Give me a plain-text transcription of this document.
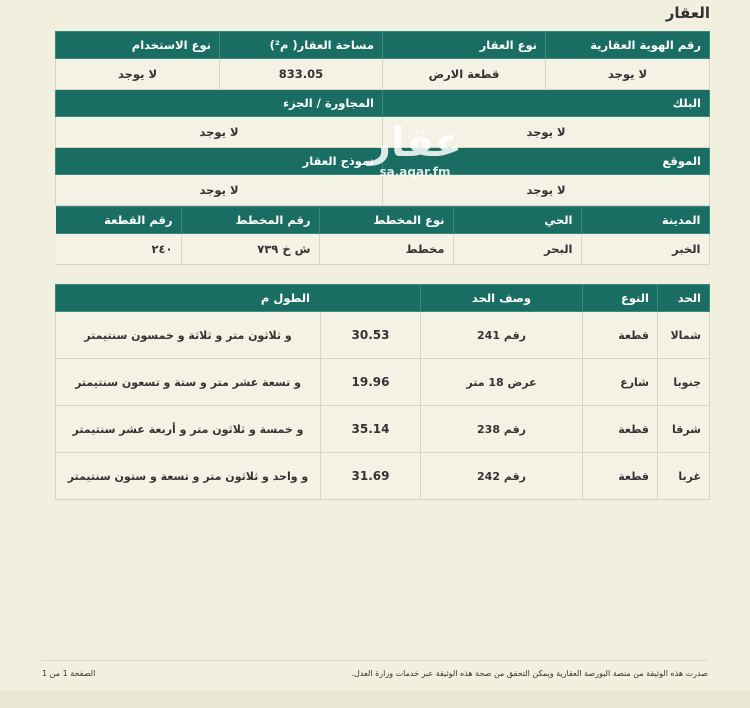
العقار
رقم الهوية العقارية	نوع العقار	مساحة العقار( م²)	نوع الاستخدام
لا يوجد	قطعة الارض	833.05	لا يوجد
البلك	المجاورة / الجزء
لا يوجد	لا يوجد
الموقع	نموذج العقار
لا يوجد	لا يوجد

المدينة	الحي	نوع المخطط	رقم المخطط	رقم القطعة
الخبر	البحر	مخطط	ش خ ٧٣٩	٢٤٠
عقار
sa.aqar.fm
الحد	النوع	وصف الحد	الطول م	
شمالا	قطعة	رقم 241	30.53	و ثلاثون متر و ثلاثة و خمسون سنتيمتر
جنوبا	شارع	عرض 18 متر	19.96	و تسعة عشر متر و ستة و تسعون سنتيمتر
شرقا	قطعة	رقم 238	35.14	و خمسة و ثلاثون متر و أربعة عشر سنتيمتر
غربا	قطعة	رقم 242	31.69	و واحد و ثلاثون متر و تسعة و ستون سنتيمتر
صدرت هذه الوثيقة من منصة البورصة العقارية ويمكن التحقق من صحة هذه الوثيقة عبر خدمات وزارة العدل.
الصفحة 1 من 1
